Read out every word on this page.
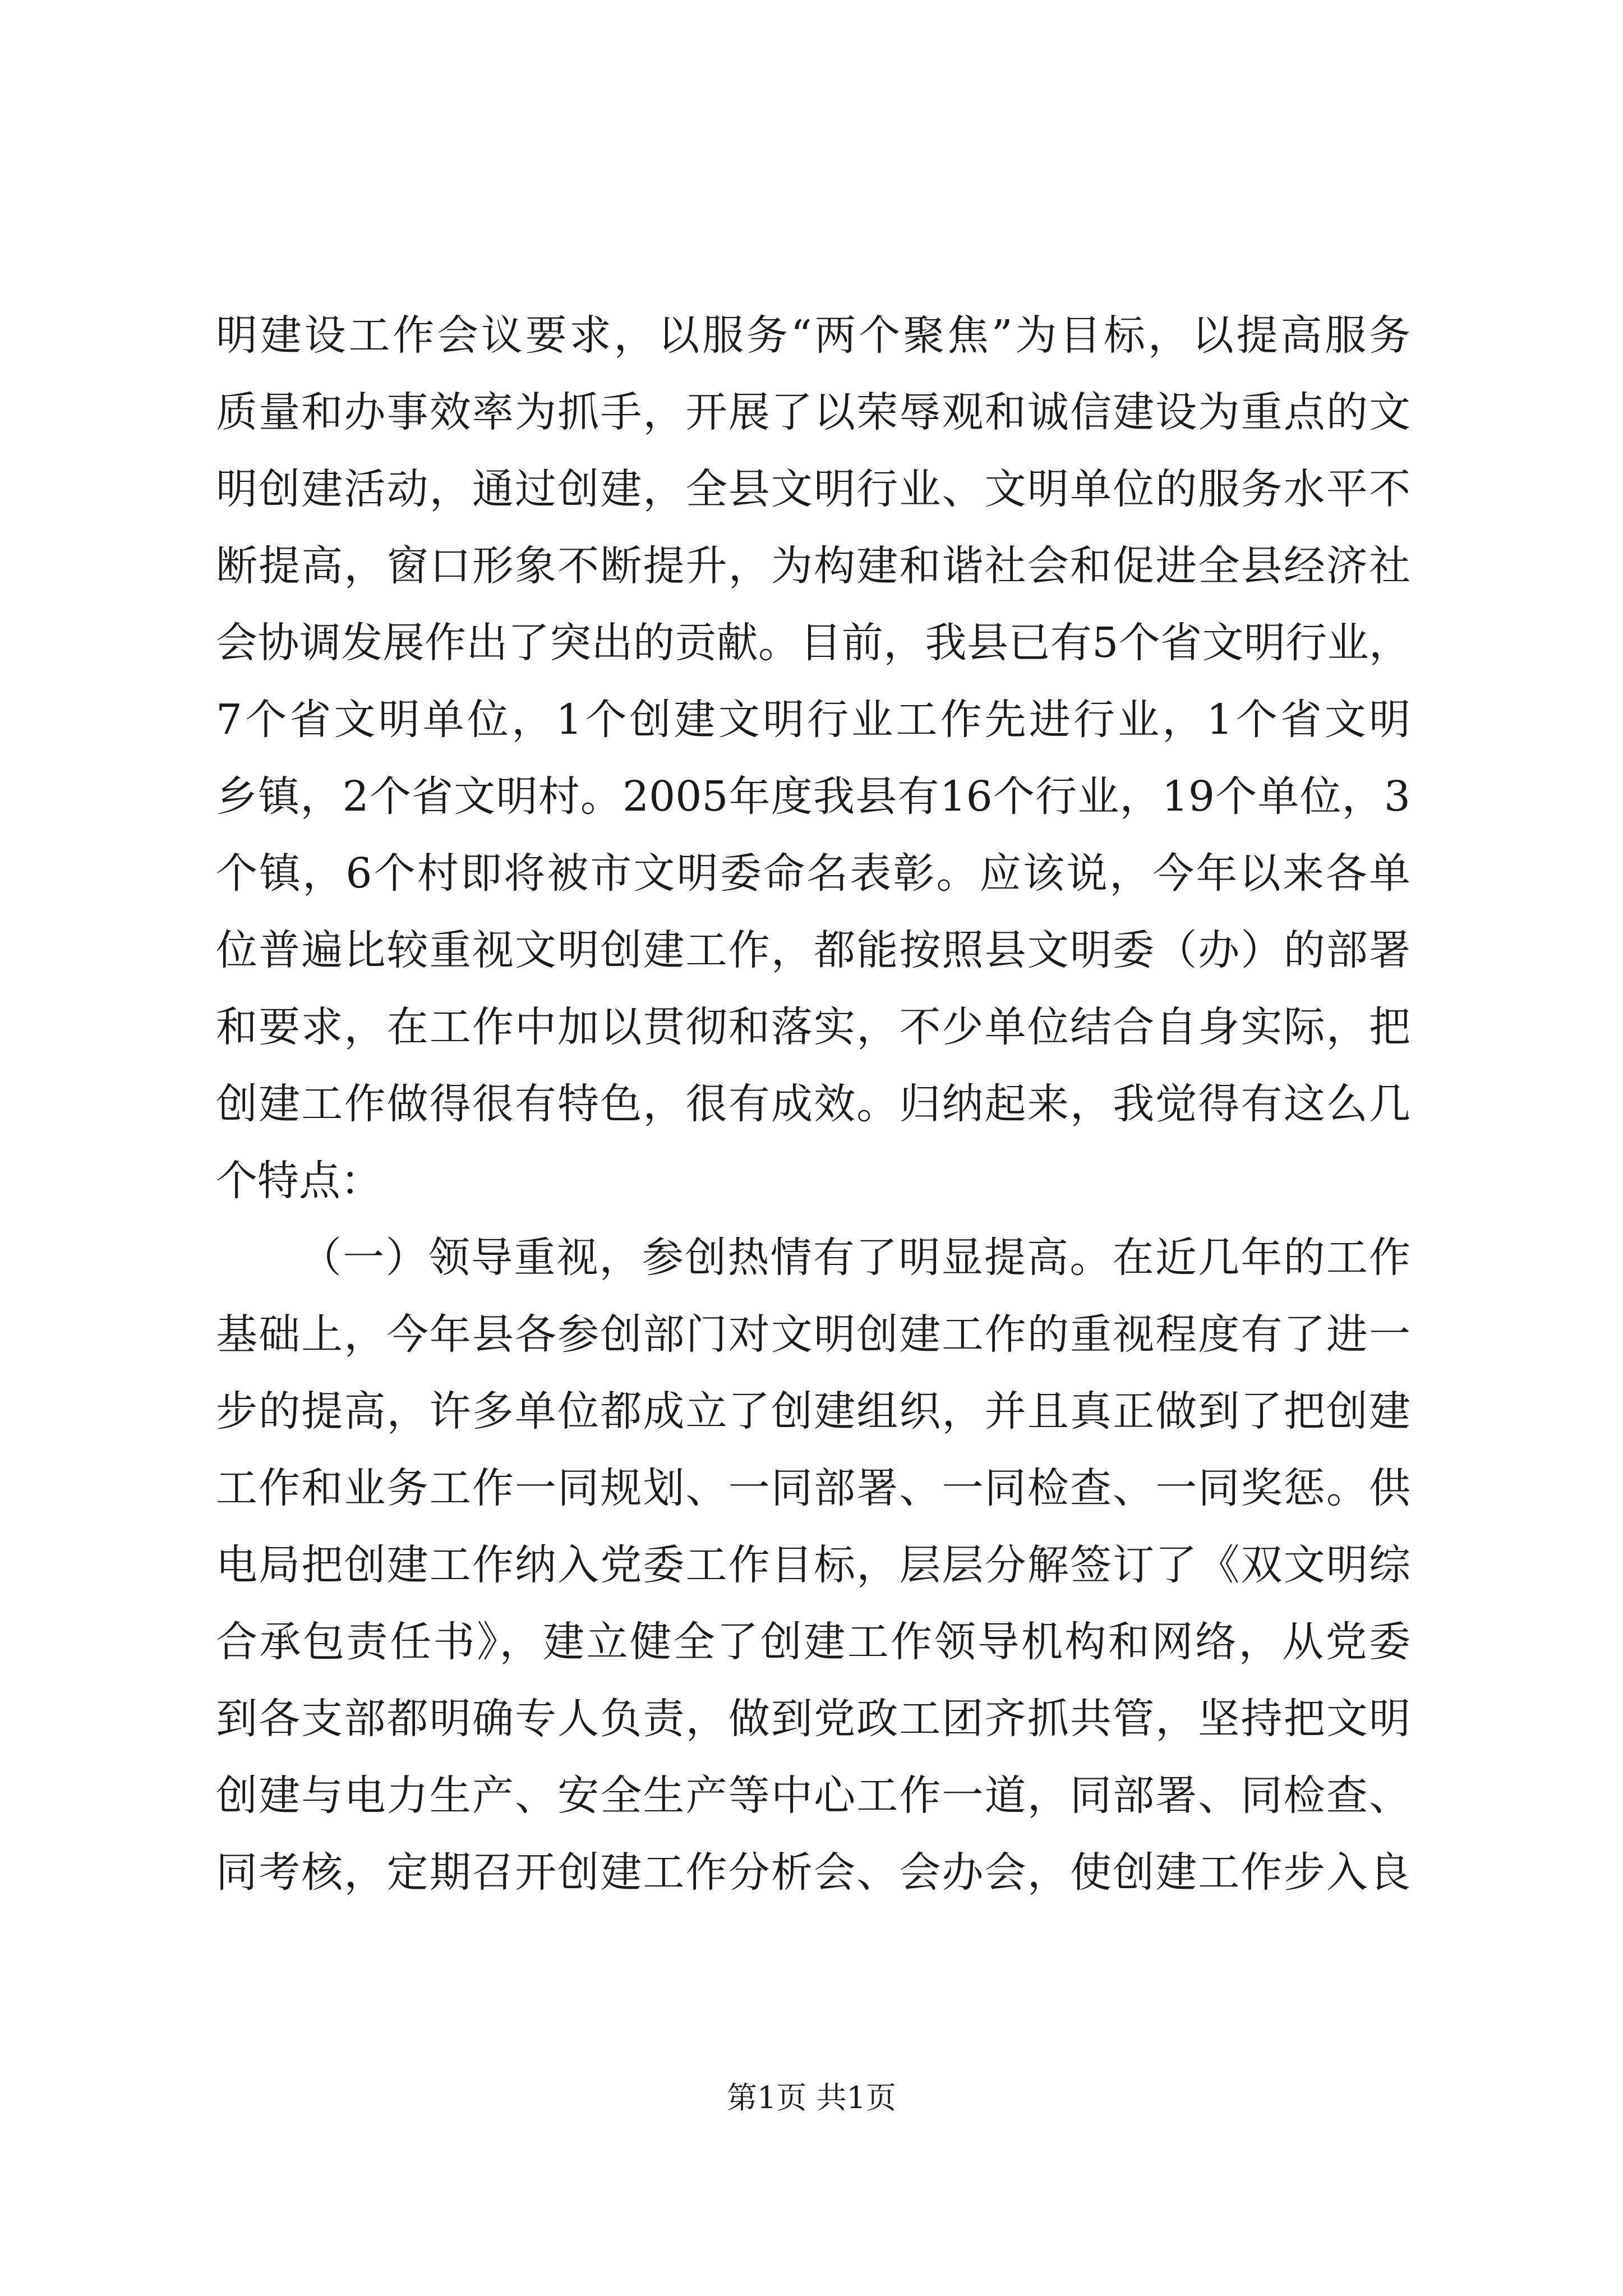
明建设工作会议要求，以服务“两个聚焦”为目标，以提高服务
质量和办事效率为抓手，开展了以荣辱观和诚信建设为重点的文
明创建活动，通过创建，全县文明行业、文明单位的服务水平不
断提高，窗口形象不断提升，为构建和谐社会和促进全县经济社
会协调发展作出了突出的贡献。目前，我县已有5个省文明行业，
7个省文明单位，1个创建文明行业工作先进行业，1个省文明
乡镇，2个省文明村。2005年度我县有16个行业，19个单位，3
个镇，6个村即将被市文明委命名表彰。应该说，今年以来各单
位普遍比较重视文明创建工作，都能按照县文明委（办）的部署
和要求，在工作中加以贯彻和落实，不少单位结合自身实际，把
创建工作做得很有特色，很有成效。归纳起来，我觉得有这么几
个特点：
（一）领导重视，参创热情有了明显提高。在近几年的工作
基础上，今年县各参创部门对文明创建工作的重视程度有了进一
步的提高，许多单位都成立了创建组织，并且真正做到了把创建
工作和业务工作一同规划、一同部署、一同检查、一同奖惩。供
电局把创建工作纳入党委工作目标，层层分解签订了《双文明综
合承包责任书》，建立健全了创建工作领导机构和网络，从党委
到各支部都明确专人负责，做到党政工团齐抓共管，坚持把文明
创建与电力生产、安全生产等中心工作一道，同部署、同检查、
同考核，定期召开创建工作分析会、会办会，使创建工作步入良
第1页 共1页
